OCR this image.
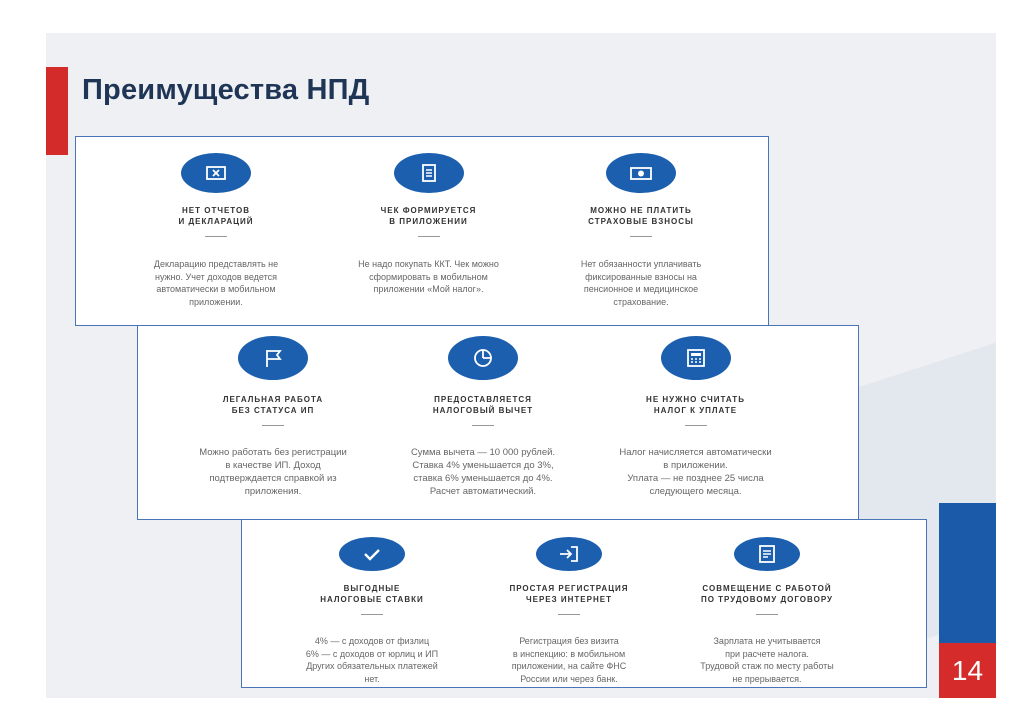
Преимущества НПД
НЕТ ОТЧЕТОВ
И ДЕКЛАРАЦИЙ
Декларацию представлять не
нужно. Учет доходов ведется
автоматически в мобильном
приложении.
ЧЕК ФОРМИРУЕТСЯ
В ПРИЛОЖЕНИИ
Не надо покупать ККТ. Чек можно
сформировать в мобильном
приложении «Мой налог».
МОЖНО НЕ ПЛАТИТЬ
СТРАХОВЫЕ ВЗНОСЫ
Нет обязанности уплачивать
фиксированные взносы на
пенсионное и медицинское
страхование.
ЛЕГАЛЬНАЯ РАБОТА
БЕЗ СТАТУСА ИП
Можно работать без регистрации
в качестве ИП. Доход
подтверждается справкой из
приложения.
ПРЕДОСТАВЛЯЕТСЯ
НАЛОГОВЫЙ ВЫЧЕТ
Сумма вычета — 10 000 рублей.
Ставка 4% уменьшается до 3%,
ставка 6% уменьшается до 4%.
Расчет автоматический.
НЕ НУЖНО СЧИТАТЬ
НАЛОГ К УПЛАТЕ
Налог начисляется автоматически
в приложении.
Уплата — не позднее 25 числа
следующего месяца.
ВЫГОДНЫЕ
НАЛОГОВЫЕ СТАВКИ
4% — с доходов от физлиц
6% — с доходов от юрлиц и ИП
Других обязательных платежей
нет.
ПРОСТАЯ РЕГИСТРАЦИЯ
ЧЕРЕЗ ИНТЕРНЕТ
Регистрация без визита
в инспекцию: в мобильном
приложении, на сайте ФНС
России или через банк.
СОВМЕЩЕНИЕ С РАБОТОЙ
ПО ТРУДОВОМУ ДОГОВОРУ
Зарплата не учитывается
при расчете налога.
Трудовой стаж по месту работы
не прерывается.	14
